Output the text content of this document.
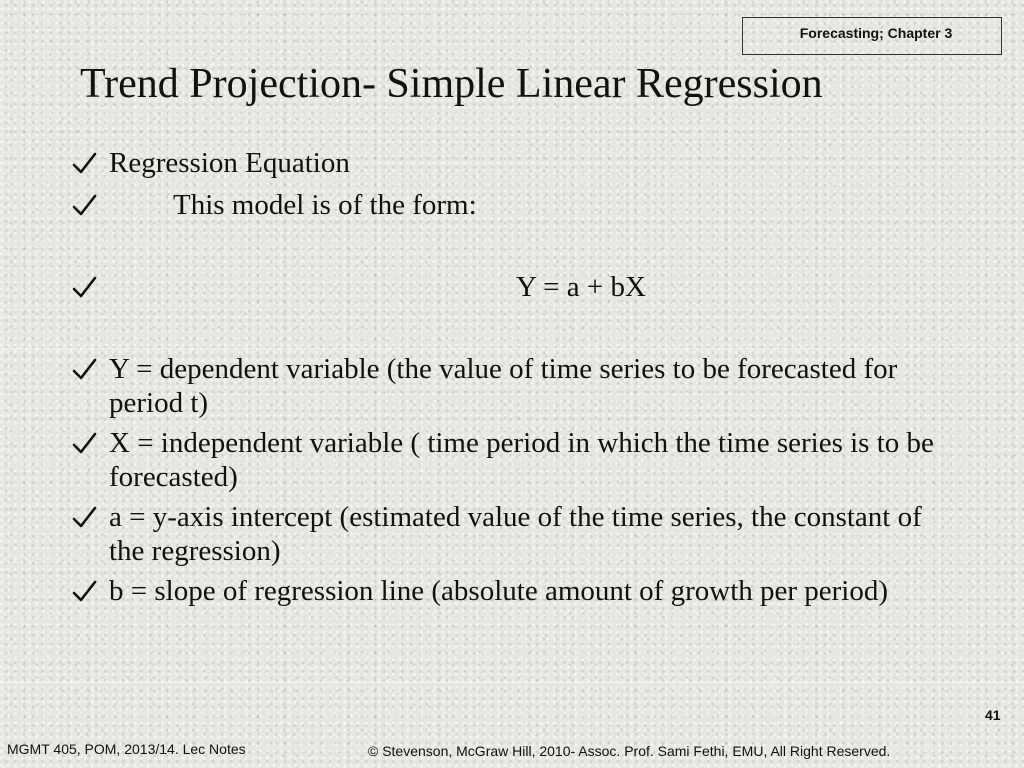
Forecasting; Chapter 3
Trend Projection- Simple Linear Regression
Regression Equation
This model is of the form:
Y = a + bX
Y = dependent variable (the value of time series to be forecasted for period t)
X = independent variable ( time period in which the time series is to be     forecasted)
a = y-axis intercept (estimated value of the time series, the constant of the regression)
b = slope of regression line (absolute amount of growth per period)
41
MGMT 405, POM, 2013/14. Lec Notes	© Stevenson, McGraw Hill, 2010- Assoc. Prof. Sami Fethi, EMU, All Right Reserved.
